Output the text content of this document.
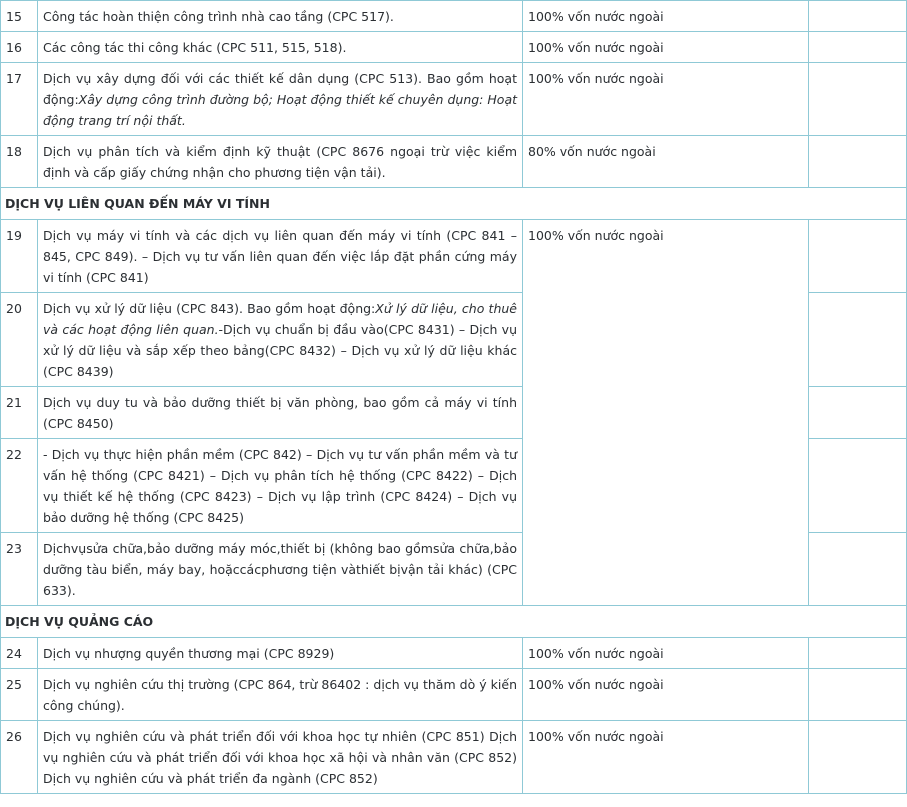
15	Công tác hoàn thiện công trình nhà cao tầng (CPC 517).	100% vốn nước ngoài	
16	Các công tác thi công khác (CPC 511, 515, 518).	100% vốn nước ngoài	
17	Dịch vụ xây dựng đối với các thiết kế dân dụng (CPC 513). Bao gồm hoạt động:Xây dựng công trình đường bộ; Hoạt động thiết kế chuyên dụng: Hoạt động trang trí nội thất.	100% vốn nước ngoài	
18	Dịch vụ phân tích và kiểm định kỹ thuật (CPC 8676 ngoại trừ việc kiểm định và cấp giấy chứng nhận cho phương tiện vận tải).	80% vốn nước ngoài	
DỊCH VỤ LIÊN QUAN ĐẾN MÁY VI TÍNH			
19	Dịch vụ máy vi tính và các dịch vụ liên quan đến máy vi tính (CPC 841 – 845, CPC 849). – Dịch vụ tư vấn liên quan đến việc lắp đặt phần cứng máy vi tính (CPC 841)	100% vốn nước ngoài	
20	Dịch vụ xử lý dữ liệu (CPC 843). Bao gồm hoạt động:Xử lý dữ liệu, cho thuê và các hoạt động liên quan.-Dịch vụ chuẩn bị đầu vào(CPC 8431) – Dịch vụ xử lý dữ liệu và sắp xếp theo bảng(CPC 8432) – Dịch vụ xử lý dữ liệu khác (CPC 8439)		
21	Dịch vụ duy tu và bảo dưỡng thiết bị văn phòng, bao gồm cả máy vi tính (CPC 8450)		
22	- Dịch vụ thực hiện phần mềm (CPC 842) – Dịch vụ tư vấn phần mềm và tư vấn hệ thống (CPC 8421) – Dịch vụ phân tích hệ thống (CPC 8422) – Dịch vụ thiết kế hệ thống (CPC 8423) – Dịch vụ lập trình (CPC 8424) – Dịch vụ bảo dưỡng hệ thống (CPC 8425)		
23	Dịchvụsửa chữa,bảo dưỡng máy móc,thiết bị (không bao gồmsửa chữa,bảo dưỡng tàu biển, máy bay, hoặccácphương tiện vàthiết bịvận tải khác) (CPC 633).		
DỊCH VỤ QUẢNG CÁO			
24	Dịch vụ nhượng quyền thương mại (CPC 8929)	100% vốn nước ngoài	
25	Dịch vụ nghiên cứu thị trường (CPC 864, trừ 86402 : dịch vụ thăm dò ý kiến công chúng).	100% vốn nước ngoài	
26	Dịch vụ nghiên cứu và phát triển đối với khoa học tự nhiên (CPC 851) Dịch vụ nghiên cứu và phát triển đối với khoa học xã hội và nhân văn (CPC 852) Dịch vụ nghiên cứu và phát triển đa ngành (CPC 852)	100% vốn nước ngoài	
